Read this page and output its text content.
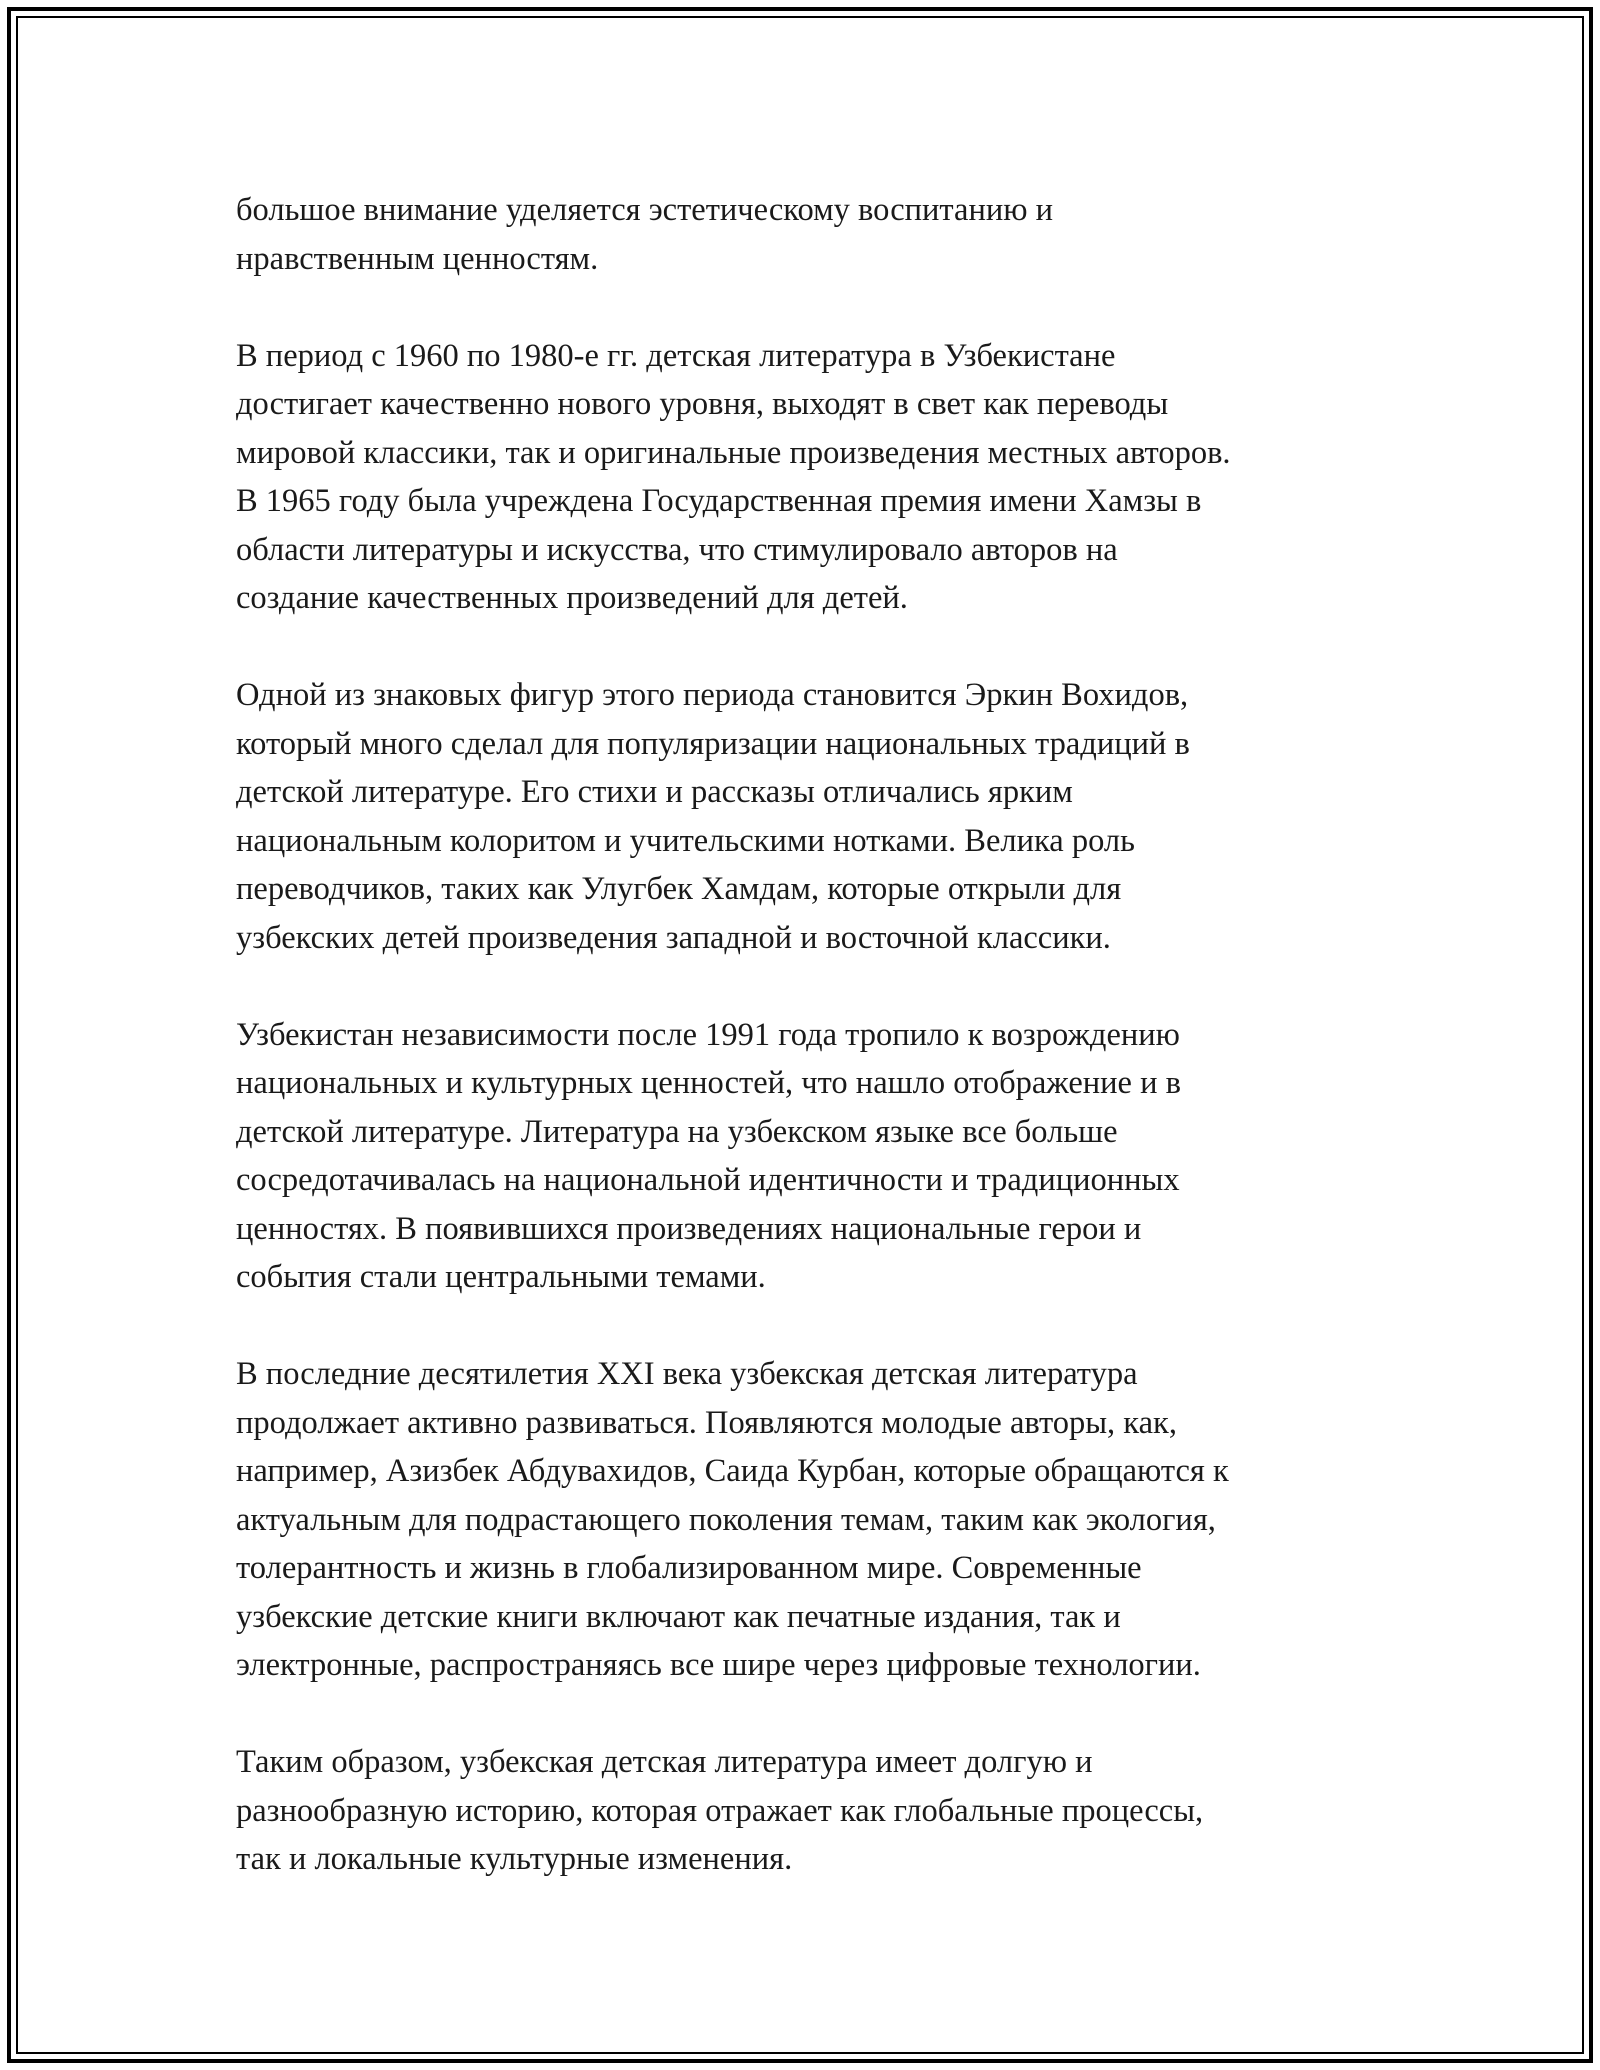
большое внимание уделяется эстетическому воспитанию и
нравственным ценностям.

В период с 1960 по 1980-е гг. детская литература в Узбекистане
достигает качественно нового уровня, выходят в свет как переводы
мировой классики, так и оригинальные произведения местных авторов.
В 1965 году была учреждена Государственная премия имени Хамзы в
области литературы и искусства, что стимулировало авторов на
создание качественных произведений для детей.

Одной из знаковых фигур этого периода становится Эркин Вохидов,
который много сделал для популяризации национальных традиций в
детской литературе. Его стихи и рассказы отличались ярким
национальным колоритом и учительскими нотками. Велика роль
переводчиков, таких как Улугбек Хамдам, которые открыли для
узбекских детей произведения западной и восточной классики.

Узбекистан независимости после 1991 года тропило к возрождению
национальных и культурных ценностей, что нашло отображение и в
детской литературе. Литература на узбекском языке все больше
сосредотачивалась на национальной идентичности и традиционных
ценностях. В появившихся произведениях национальные герои и
события стали центральными темами.

В последние десятилетия XXI века узбекская детская литература
продолжает активно развиваться. Появляются молодые авторы, как,
например, Азизбек Абдувахидов, Саида Курбан, которые обращаются к
актуальным для подрастающего поколения темам, таким как экология,
толерантность и жизнь в глобализированном мире. Современные
узбекские детские книги включают как печатные издания, так и
электронные, распространяясь все шире через цифровые технологии.

Таким образом, узбекская детская литература имеет долгую и
разнообразную историю, которая отражает как глобальные процессы,
так и локальные культурные изменения.
